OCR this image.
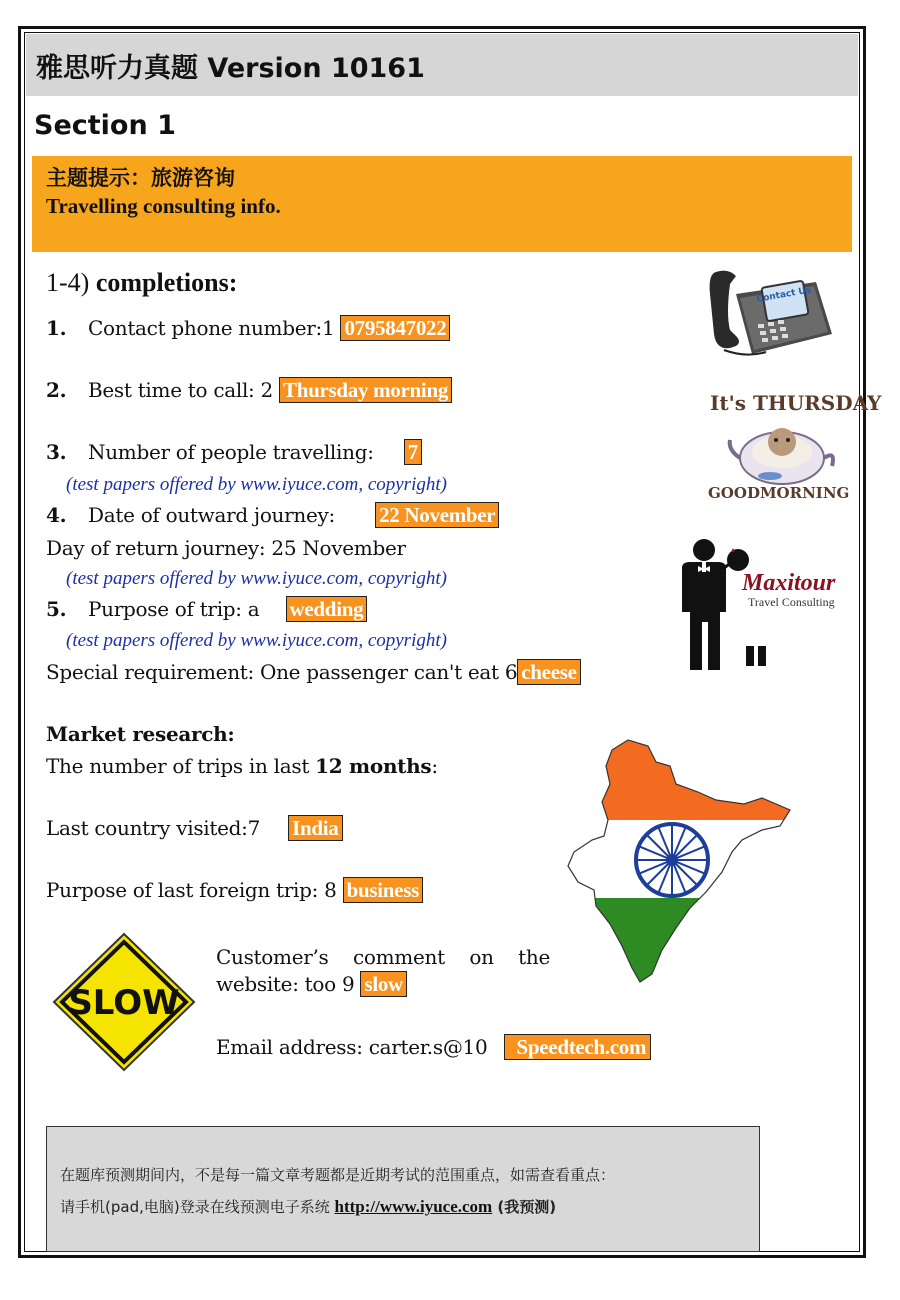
雅思听力真题 Version 10161
Section 1
主题提示：旅游咨询
Travelling consulting info.
1-4) completions:
1. Contact phone number:1 0795847022
2. Best time to call: 2 Thursday morning
3. Number of people travelling: 7
(test papers offered by www.iyuce.com, copyright)
4. Date of outward journey: 22 November
Day of return journey: 25 November
(test papers offered by www.iyuce.com, copyright)
5. Purpose of trip: a wedding
(test papers offered by www.iyuce.com, copyright)
Special requirement: One passenger can't eat 6 cheese
Market research:
The number of trips in last 12 months:
Last country visited:7 India
Purpose of last foreign trip: 8 business
Customer’s comment on the
website: too 9 slow
Email address: carter.s@10 Speedtech.com
Contact Us
It's THURSDAY
GOODMORNING
Maxitour
Travel Consulting
SLOW
在题库预测期间内，不是每一篇文章考题都是近期考试的范围重点，如需查看重点：
请手机(pad,电脑)登录在线预测电子系统 http://www.iyuce.com (我预测)
